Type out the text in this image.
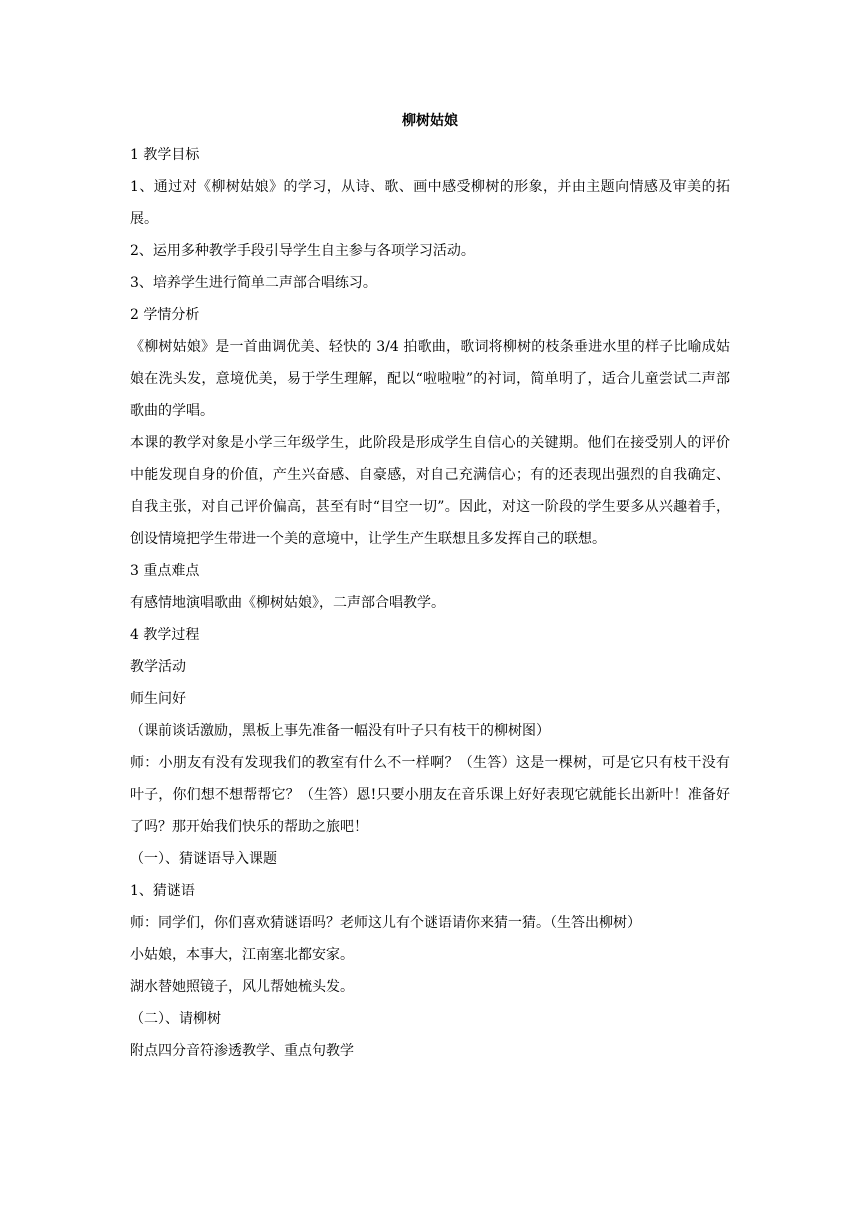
柳树姑娘

1 教学目标

1、通过对《柳树姑娘》的学习，从诗、歌、画中感受柳树的形象，并由主题向情感及审美的拓展。

2、运用多种教学手段引导学生自主参与各项学习活动。

3、培养学生进行简单二声部合唱练习。

2 学情分析

《柳树姑娘》是一首曲调优美、轻快的 3/4 拍歌曲，歌词将柳树的枝条垂进水里的样子比喻成姑娘在洗头发，意境优美，易于学生理解，配以“啦啦啦”的衬词，简单明了，适合儿童尝试二声部歌曲的学唱。

本课的教学对象是小学三年级学生，此阶段是形成学生自信心的关键期。他们在接受别人的评价中能发现自身的价值，产生兴奋感、自豪感，对自己充满信心；有的还表现出强烈的自我确定、自我主张，对自己评价偏高，甚至有时“目空一切”。因此，对这一阶段的学生要多从兴趣着手，创设情境把学生带进一个美的意境中，让学生产生联想且多发挥自己的联想。

3 重点难点

有感情地演唱歌曲《柳树姑娘》，二声部合唱教学。

4 教学过程

教学活动

师生问好

（课前谈话激励，黑板上事先准备一幅没有叶子只有枝干的柳树图）

师：小朋友有没有发现我们的教室有什么不一样啊？（生答）这是一棵树，可是它只有枝干没有叶子，你们想不想帮帮它？（生答）恩!只要小朋友在音乐课上好好表现它就能长出新叶！准备好了吗？那开始我们快乐的帮助之旅吧！

（一）、猜谜语导入课题

1、猜谜语

师：同学们，你们喜欢猜谜语吗？老师这儿有个谜语请你来猜一猜。（生答出柳树）

小姑娘，本事大，江南塞北都安家。

湖水替她照镜子，风儿帮她梳头发。

（二）、请柳树

附点四分音符渗透教学、重点句教学
